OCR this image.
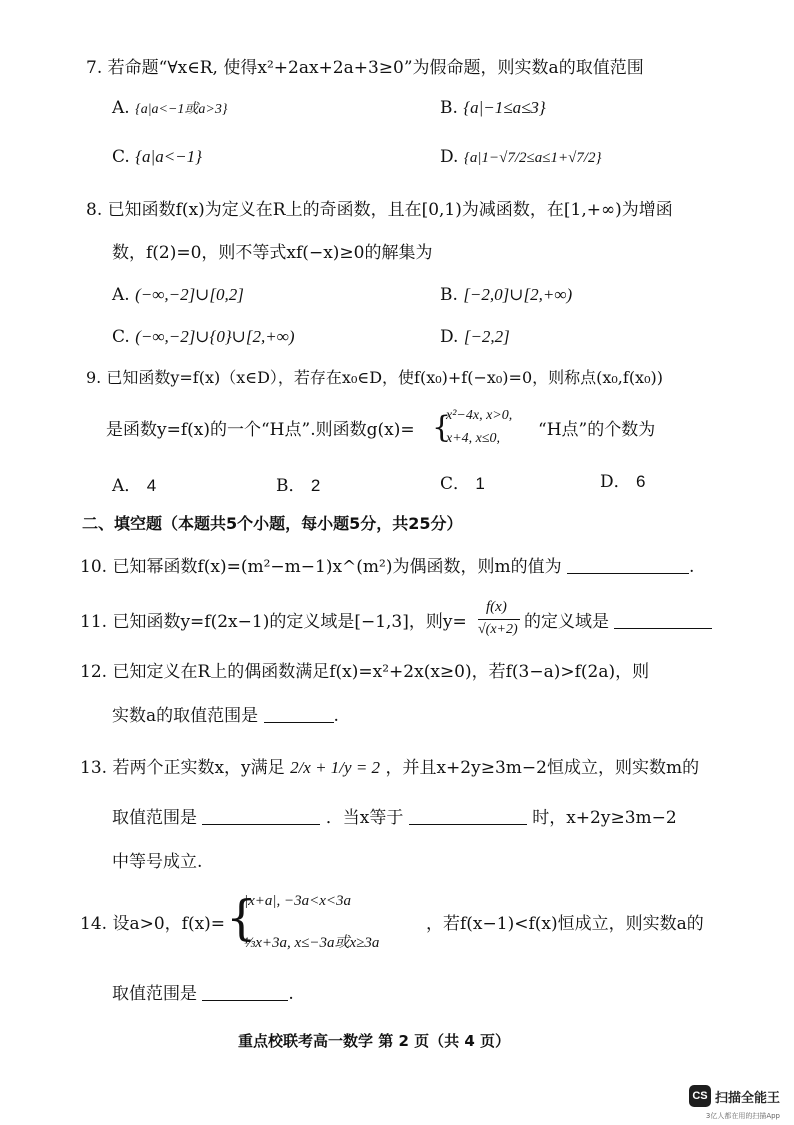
7. 若命题“∀x∈R, 使得x²+2ax+2a+3≥0”为假命题，则实数a的取值范围
A. {a|a<−1或a>3}	B. {a|−1≤a≤3}
C. {a|a<−1}	D. {a|1−√7/2≤a≤1+√7/2}
8. 已知函数f(x)为定义在R上的奇函数，且在[0,1)为减函数，在[1,+∞)为增函
数，f(2)=0，则不等式xf(−x)≥0的解集为
A. (−∞,−2]∪[0,2]	B. [−2,0]∪[2,+∞)
C. (−∞,−2]∪{0}∪[2,+∞)	D. [−2,2]
9. 已知函数y=f(x)（x∈D），若存在x₀∈D，使f(x₀)+f(−x₀)=0，则称点(x₀,f(x₀))
是函数y=f(x)的一个“H点”.则函数g(x)= {
x²−4x, x>0,
x+4, x≤0, “H点”的个数为
A． 4	B． 2	C． 1	D． 6
二、填空题（本题共5个小题，每小题5分，共25分）
10. 已知幂函数f(x)=(m²−m−1)x^(m²)为偶函数，则m的值为	.
11. 已知函数y=f(2x−1)的定义域是[−1,3]，则y=
f(x)
√(x+2) 的定义域是
12. 已知定义在R上的偶函数满足f(x)=x²+2x(x≥0)，若f(3−a)>f(2a)，则
实数a的取值范围是	.
13. 若两个正实数x，y满足 2/x + 1/y = 2 ，并且x+2y≥3m−2恒成立，则实数m的
取值范围是	．当x等于	时，x+2y≥3m−2
中等号成立.
14. 设a>0，f(x)= {
|x+a|, −3a<x<3a
⅓x+3a, x≤−3a或x≥3a
，若f(x−1)<f(x)恒成立，则实数a的
取值范围是	.
重点校联考高一数学 第 2 页（共 4 页）
CS 扫描全能王
3亿人都在用的扫描App
